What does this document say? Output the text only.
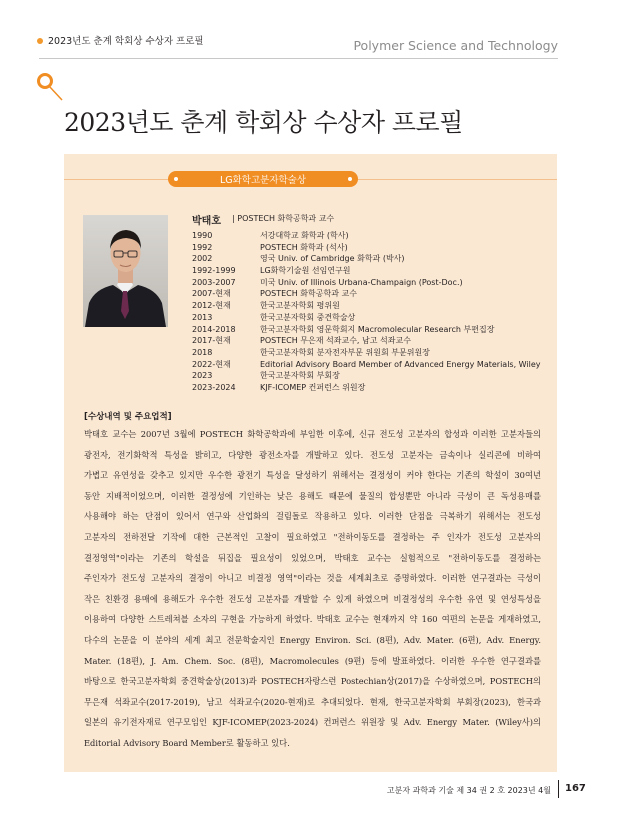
2023년도 춘계 학회상 수상자 프로필	Polymer Science and Technology
2023년도 춘계 학회상 수상자 프로필
LG화학고분자학술상
박태호 | POSTECH 화학공학과 교수
1990	서강대학교 화학과 (학사)
1992	POSTECH 화학과 (석사)
2002	영국 Univ. of Cambridge 화학과 (박사)
1992-1999	LG화학기술원 선임연구원
2003-2007	미국 Univ. of Illinois Urbana-Champaign (Post-Doc.)
2007-현재	POSTECH 화학공학과 교수
2012-현재	한국고분자학회 평위원
2013	한국고분자학회 중견학술상
2014-2018	한국고분자학회 영문학회지 Macromolecular Research 부편집장
2017-현재	POSTECH 무은재 석좌교수, 남고 석좌교수
2018	한국고분자학회 분자전자부문 위원회 부문위원장
2022-현재	Editorial Advisory Board Member of Advanced Energy Materials, Wiley
2023	한국고분자학회 부회장
2023-2024	KJF-ICOMEP 컨퍼런스 위원장
[수상내역 및 주요업적]
박태호 교수는 2007년 3월에 POSTECH 화학공학과에 부임한 이후에, 신규 전도성 고분자의 합성과 이러한 고분자들의
광전자, 전기화학적 특성을 밝히고, 다양한 광전소자를 개발하고 있다. 전도성 고분자는 금속이나 실리콘에 비하여
가볍고 유연성을 갖추고 있지만 우수한 광전기 특성을 달성하기 위해서는 결정성이 커야 한다는 기존의 학설이 30여년
동안 지배적이었으며, 이러한 결정성에 기인하는 낮은 용해도 때문에 물질의 합성뿐만 아니라 극성이 큰 독성용매를
사용해야 하는 단점이 있어서 연구와 산업화의 걸림돌로 작용하고 있다. 이러한 단점을 극복하기 위해서는 전도성
고분자의 전하전달 기작에 대한 근본적인 고찰이 필요하였고 "전하이동도를 결정하는 주 인자가 전도성 고분자의
결정영역"이라는 기존의 학설을 뒤집을 필요성이 있었으며, 박태호 교수는 실험적으로 "전하이동도를 결정하는
주인자가 전도성 고분자의 결정이 아니고 비결정 영역"이라는 것을 세계최초로 증명하였다. 이러한 연구결과는 극성이
작은 친환경 용매에 용해도가 우수한 전도성 고분자를 개발할 수 있게 하였으며 비결정성의 우수한 유연 및 연성특성을
이용하여 다양한 스트레쳐블 소자의 구현을 가능하게 하였다. 박태호 교수는 현재까지 약 160 여편의 논문을 게재하였고,
다수의 논문을 이 분야의 세계 최고 전문학술지인 Energy Environ. Sci. (8편), Adv. Mater. (6편), Adv. Energy.
Mater. (18편), J. Am. Chem. Soc. (8편), Macromolecules (9편) 등에 발표하였다. 이러한 우수한 연구결과를
바탕으로 한국고분자학회 중견학술상(2013)과 POSTECH자랑스런 Postechian상(2017)을 수상하였으며, POSTECH의
무은재 석좌교수(2017-2019), 남고 석좌교수(2020-현재)로 추대되었다. 현재, 한국고분자학회 부회장(2023), 한국과
일본의 유기전자재료 연구모임인 KJF-ICOMEP(2023-2024) 컨퍼런스 위원장 및 Adv. Energy Mater. (Wiley사)의
Editorial Advisory Board Member로 활동하고 있다.
고분자 과학과 기술 제 34 권 2 호 2023년 4월 167
